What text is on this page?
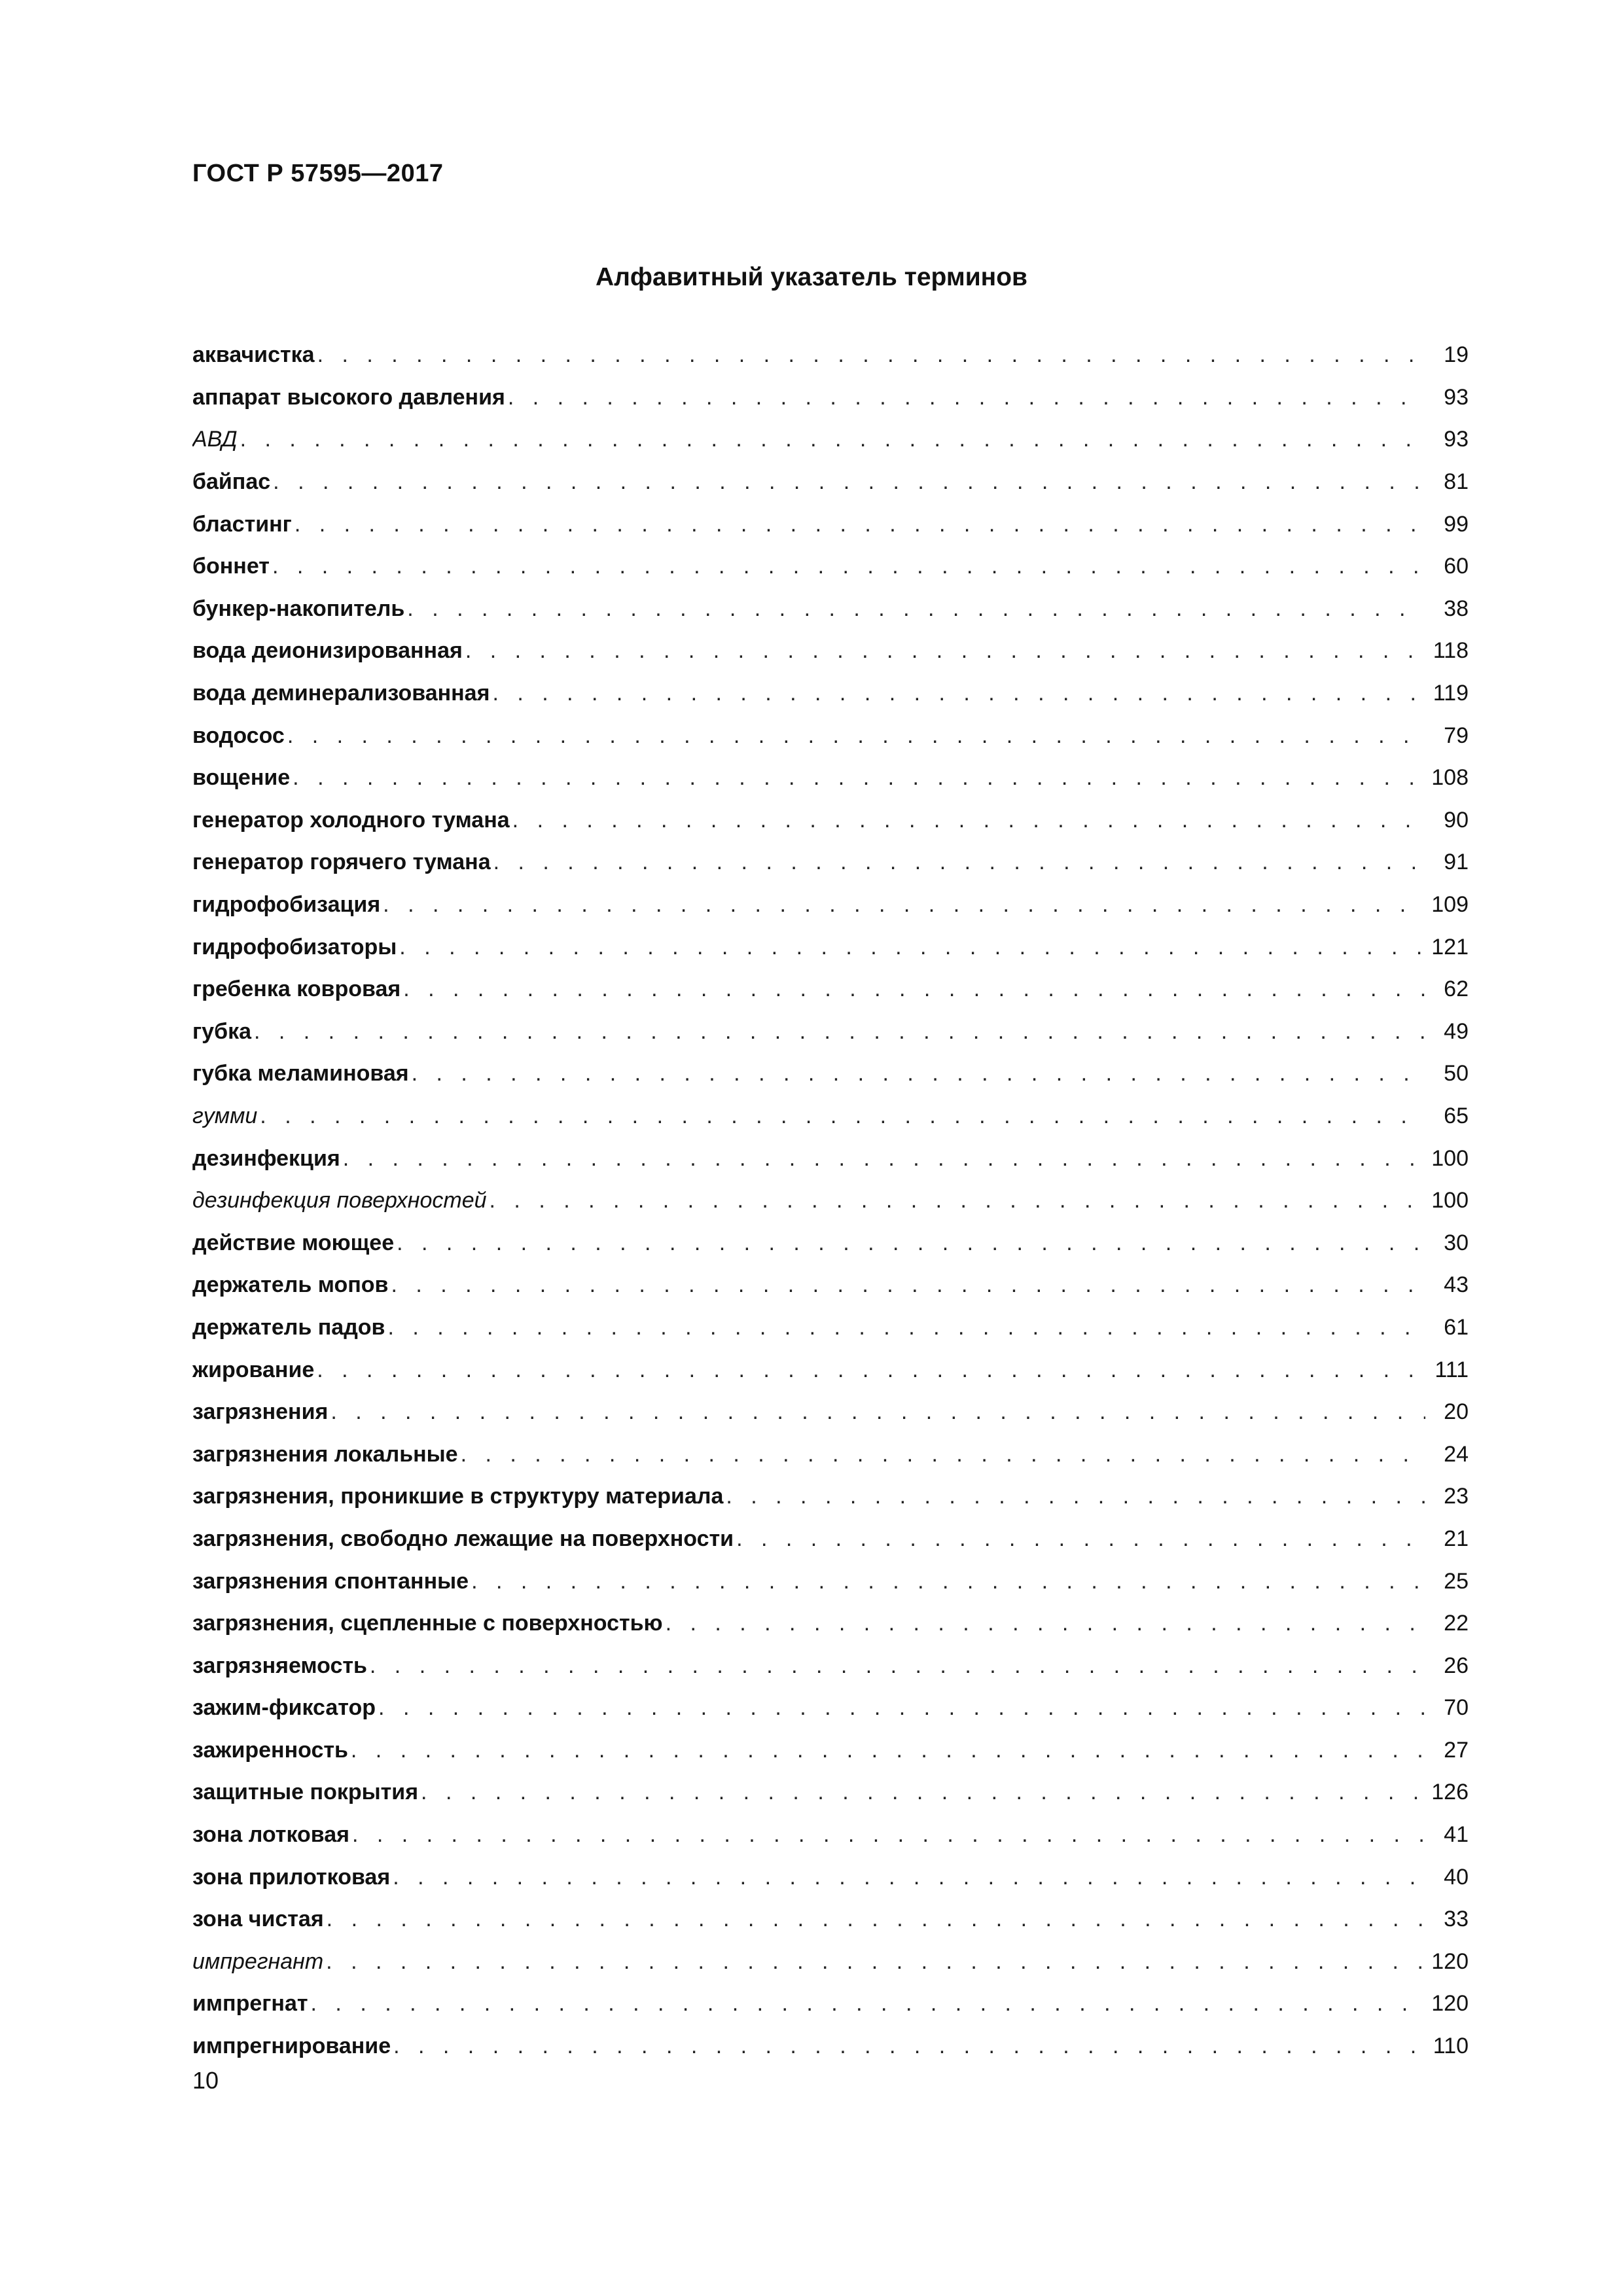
ГОСТ Р 57595—2017
Алфавитный указатель терминов
аквачистка . . .	19
аппарат высокого давления . . .	93
АВД . . .	93
байпас . . .	81
бластинг . . .	99
боннет . . .	60
бункер-накопитель . . .	38
вода деионизированная . . .	118
вода деминерализованная . . .	119
водосос . . .	79
вощение . . .	108
генератор холодного тумана . . .	90
генератор горячего тумана . . .	91
гидрофобизация . . .	109
гидрофобизаторы . . .	121
гребенка ковровая . . .	62
губка . . .	49
губка меламиновая . . .	50
гумми . . .	65
дезинфекция . . .	100
дезинфекция поверхностей . . .	100
действие моющее . . .	30
держатель мопов . . .	43
держатель падов . . .	61
жирование . . .	111
загрязнения . . .	20
загрязнения локальные . . .	24
загрязнения, проникшие в структуру материала . . .	23
загрязнения, свободно лежащие на поверхности . . .	21
загрязнения спонтанные . . .	25
загрязнения, сцепленные с поверхностью . . .	22
загрязняемость . . .	26
зажим-фиксатор . . .	70
зажиренность . . .	27
защитные покрытия . . .	126
зона лотковая . . .	41
зона прилотковая . . .	40
зона чистая . . .	33
импрегнант . . .	120
импрегнат . . .	120
импрегнирование . . .	110
10
